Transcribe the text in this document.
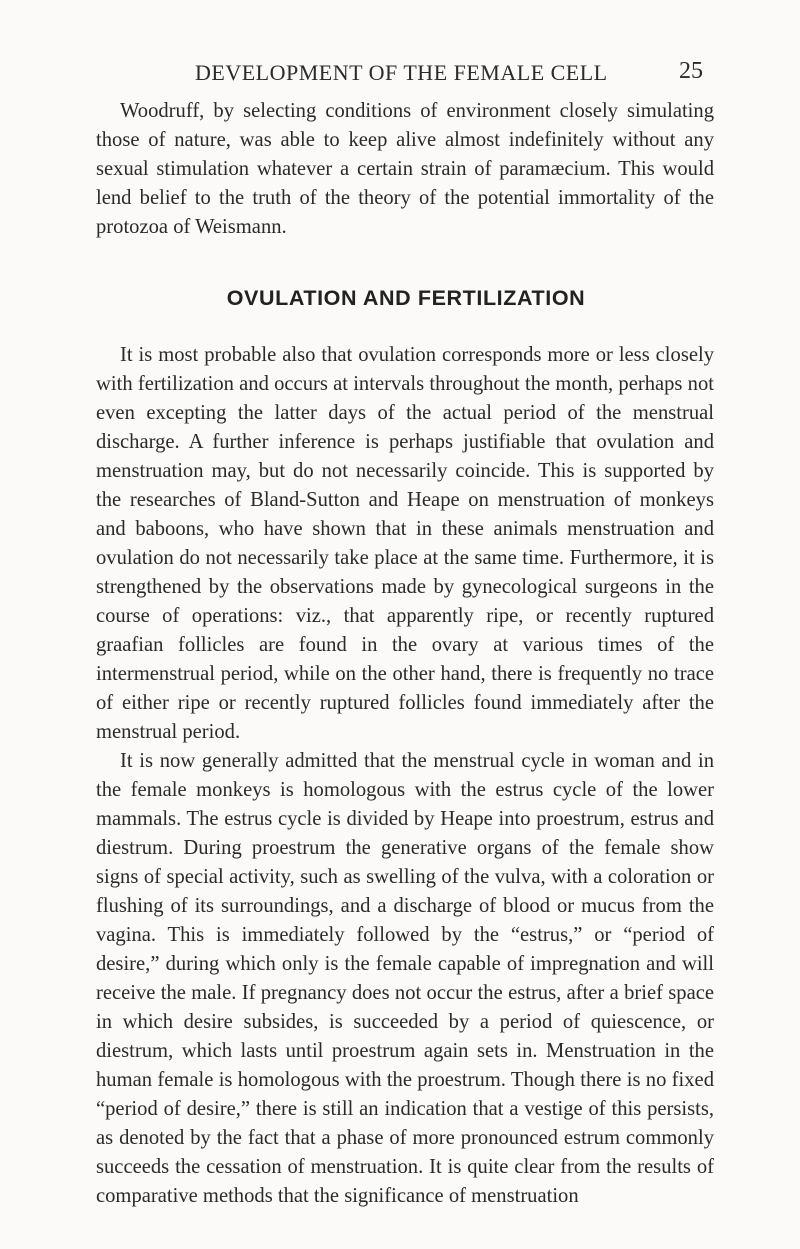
DEVELOPMENT OF THE FEMALE CELL	25
Woodruff, by selecting conditions of environment closely simulating those of nature, was able to keep alive almost indefinitely without any sexual stimulation whatever a certain strain of paramæcium. This would lend belief to the truth of the theory of the potential immortality of the protozoa of Weismann.
OVULATION AND FERTILIZATION

It is most probable also that ovulation corresponds more or less closely with fertilization and occurs at intervals throughout the month, perhaps not even excepting the latter days of the actual period of the menstrual discharge. A further inference is perhaps justifiable that ovulation and menstruation may, but do not necessarily coincide. This is supported by the researches of Bland-Sutton and Heape on menstruation of monkeys and baboons, who have shown that in these animals menstruation and ovulation do not necessarily take place at the same time. Furthermore, it is strengthened by the observations made by gynecological surgeons in the course of operations: viz., that apparently ripe, or recently ruptured graafian follicles are found in the ovary at various times of the intermenstrual period, while on the other hand, there is frequently no trace of either ripe or recently ruptured follicles found immediately after the menstrual period.

It is now generally admitted that the menstrual cycle in woman and in the female monkeys is homologous with the estrus cycle of the lower mammals. The estrus cycle is divided by Heape into proestrum, estrus and diestrum. During proestrum the generative organs of the female show signs of special activity, such as swelling of the vulva, with a coloration or flushing of its surroundings, and a discharge of blood or mucus from the vagina. This is immediately followed by the “estrus,” or “period of desire,” during which only is the female capable of impregnation and will receive the male. If pregnancy does not occur the estrus, after a brief space in which desire subsides, is succeeded by a period of quiescence, or diestrum, which lasts until proestrum again sets in. Menstruation in the human female is homologous with the proestrum. Though there is no fixed “period of desire,” there is still an indication that a vestige of this persists, as denoted by the fact that a phase of more pronounced estrum commonly succeeds the cessation of menstruation. It is quite clear from the results of comparative methods that the significance of menstruation
